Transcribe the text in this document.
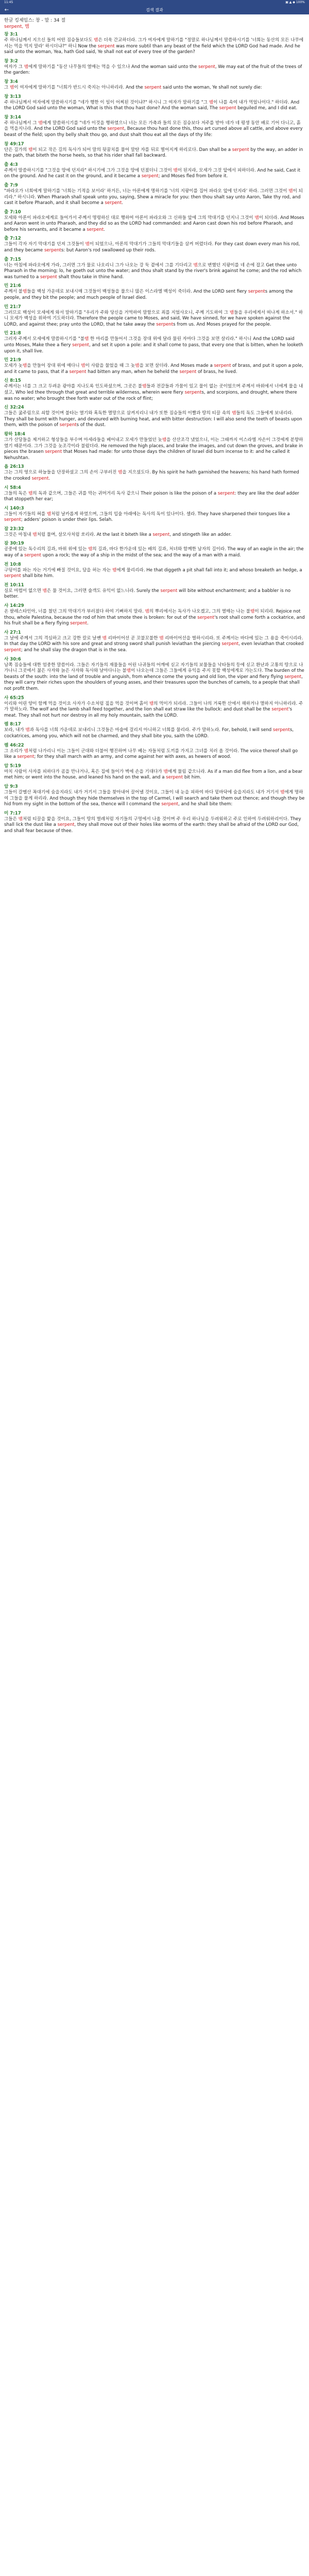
11:45	▣ ▲ ◆ 100%
←	검색 결과
한글 킹제임스: 창 - 말 : 34 절
serpent, 뱀
창 3:1
주 하나님께서 지으신 들의 어떤 짐승들보다도 뱀은 더욱 간교하더라. 그가 여자에게 말하기를 "정말로 하나님께서 말씀하시기를 '너희는 동산의 모든 나무에서는 먹을 먹지 말라' 하시더냐?" 하니 Now the serpent was more subtil than any beast of the field which the LORD God had made. And he said unto the woman, Yea, hath God said, Ye shall not eat of every tree of the garden?
창 3:2
여자가 그 뱀에게 말하기를 "동산 나무들의 열매는 먹을 수 있으나 And the woman said unto the serpent, We may eat of the fruit of the trees of the garden:
창 3:4
그 뱀이 여자에게 말하기를 "너희가 반드시 죽지는 아니하리라. And the serpent said unto the woman, Ye shall not surely die:
창 3:13
주 하나님께서 여자에게 말씀하시기를 "네가 행한 이 일이 어찌된 것이냐?" 하시니 그 여자가 말하기를 "그 뱀이 나를 속여 내가 먹었나이다." 하더라. And the LORD God said unto the woman, What is this that thou hast done? And the woman said, The serpent beguiled me, and I did eat.
창 3:14
주 하나님께서 그 뱀에게 말씀하시기를 "네가 이것을 행하였으니 너는 모든 가축과 들의 모든 짐승보다 저주를 받아 네가 네 평생 동안 배로 기어 다니고, 흙을 먹을지니라. And the LORD God said unto the serpent, Because thou hast done this, thou art cursed above all cattle, and above every beast of the field; upon thy belly shalt thou go, and dust shalt thou eat all the days of thy life:
창 49:17
단은 길가의 뱀이 되고 작은 길의 독사가 되어 말의 뒷꿈치를 물어 말탄 자를 뒤로 떨어지게 하리로다. Dan shall be a serpent by the way, an adder in the path, that biteth the horse heels, so that his rider shall fall backward.
출 4:3
주께서 말씀하시기를 "그것을 땅에 던지라" 하시기에 그가 그것을 땅에 던졌더니 그것이 뱀이 된지라, 모세가 그것 앞에서 피하더라. And he said, Cast it on the ground. And he cast it on the ground, and it became a serpent; and Moses fled from before it.
출 7:9
"파라오가 너희에게 말하기를 '너희는 기적을 보이라' 하거든, 너는 아론에게 명하기를 '너의 지팡이를 집어 파라오 앞에 던지라' 하라. 그러면 그것이 뱀이 되리라." 하시니라. When Pharaoh shall speak unto you, saying, Shew a miracle for you: then thou shalt say unto Aaron, Take thy rod, and cast it before Pharaoh, and it shall become a serpent.
출 7:10
모세와 아론이 파라오에게로 들어가서 주께서 명령하신 대로 행하여 아론이 파라오와 그 신하들 앞에 그의 막대기를 던지니 그것이 뱀이 되더라. And Moses and Aaron went in unto Pharaoh, and they did so as the LORD had commanded: and Aaron cast down his rod before Pharaoh, and before his servants, and it became a serpent.
출 7:12
그들이 각자 자기 막대기를 던져 그것들이 뱀이 되었으나, 아론의 막대기가 그들의 막대기들을 삼켜 버렸더라. For they cast down every man his rod, and they became serpents: but Aaron's rod swallowed up their rods.
출 7:15
너는 아침에 파라오에게 가라, 그러면 그가 물로 나오리니 그가 나오는 강 둑 곁에서 그를 기다리고 뱀으로 변했던 지팡이를 네 손에 잡고 Get thee unto Pharaoh in the morning; lo, he goeth out unto the water; and thou shalt stand by the river's brink against he come; and the rod which was turned to a serpent shalt thou take in thine hand.
민 21:6
주께서 불뱀들을 백성 가운데로 보내시매 그것들이 백성들을 물으니 많은 이스라엘 백성이 죽더라. And the LORD sent fiery serpents among the people, and they bit the people; and much people of Israel died.
민 21:7
그러므로 백성이 모세에게 와서 말하기를 "우리가 주와 당신을 거역하여 말함으로 죄를 지었사오니, 주께 기도하여 그 뱀들을 우리에게서 떠나게 하소서." 하니 모세가 백성을 위하여 기도하더라. Therefore the people came to Moses, and said, We have sinned, for we have spoken against the LORD, and against thee; pray unto the LORD, that he take away the serpents from us. And Moses prayed for the people.
민 21:8
그러자 주께서 모세에게 말씀하시기를 "불뱀 한 마리를 만들어서 그것을 장대 위에 달라 물린 자마다 그것을 보면 살리라." 하시니 And the LORD said unto Moses, Make thee a fiery serpent, and set it upon a pole: and it shall come to pass, that every one that is bitten, when he looketh upon it, shall live.
민 21:9
모세가 놋뱀을 만들어 장대 위에 매다니 뱀이 사람을 물었을 때 그 놋뱀을 보면 살더라. And Moses made a serpent of brass, and put it upon a pole, and it came to pass, that if a serpent had bitten any man, when he beheld the serpent of brass, he lived.
신 8:15
주께서는 너를 그 크고 두려운 광야를 지나도록 인도하셨으며, 그곳은 불뱀들과 전갈들과 가뭄이 있고 물이 없는 곳이었으며 주께서 바위에서 너에게 물을 내셨고, Who led thee through that great and terrible wilderness, wherein were fiery serpents, and scorpions, and drought, where there was no water; who brought thee forth water out of the rock of flint;
신 32:24
그들은 굶주림으로 쇠할 것이며 불타는 열기와 혹독한 멸망으로 삼켜지리니 내가 또한 짐승들의 이빨과 땅의 티끌 속의 뱀들의 독도 그들에게 보내리라. They shall be burnt with hunger, and devoured with burning heat, and with bitter destruction: I will also send the teeth of beasts upon them, with the poison of serpents of the dust.
왕하 18:4
그가 산당들을 제거하고 형상들을 부수며 아세라들을 베어내고 모세가 만들었던 놋뱀을 산산조각 냈었으니, 이는 그때까지 이스라엘 자손이 그것에게 분향하였기 때문이라. 그가 그것을 놋조각이라 불렀더라. He removed the high places, and brake the images, and cut down the groves, and brake in pieces the brasen serpent that Moses had made: for unto those days the children of Israel did burn incense to it: and he called it Nehushtan.
욥 26:13
그는 그의 영으로 하늘들을 단장하셨고 그의 손이 구부러진 뱀을 지으셨도다. By his spirit he hath garnished the heavens; his hand hath formed the crooked serpent.
시 58:4
그들의 독은 뱀의 독과 같으며, 그들은 귀를 막는 귀머거리 독사 같으니 Their poison is like the poison of a serpent: they are like the deaf adder that stoppeth her ear;
시 140:3
그들이 자기들의 혀를 뱀처럼 날카롭게 하였으며, 그들의 입술 아래에는 독사의 독이 있나이다. 셀라. They have sharpened their tongues like a serpent; adders' poison is under their lips. Selah.
잠 23:32
그것은 마침내 뱀처럼 물며, 살모사처럼 쏘리라. At the last it biteth like a serpent, and stingeth like an adder.
잠 30:19
공중에 있는 독수리의 길과, 바위 위에 있는 뱀의 길과, 바다 한가운데 있는 배의 길과, 처녀와 함께한 남자의 길이라. The way of an eagle in the air; the way of a serpent upon a rock; the way of a ship in the midst of the sea; and the way of a man with a maid.
전 10:8
구덩이를 파는 자는 거기에 빠질 것이요, 담을 허는 자는 뱀에게 물리리라. He that diggeth a pit shall fall into it; and whoso breaketh an hedge, a serpent shall bite him.
전 10:11
실로 마법이 없으면 뱀은 물 것이요, 그러면 술객도 유익이 없느니라. Surely the serpent will bite without enchantment; and a babbler is no better.
사 14:29
온 팔레스타인아, 너를 쳤던 그의 막대기가 부러졌다 하여 기뻐하지 말라. 뱀의 뿌리에서는 독사가 나오겠고, 그의 열매는 나는 불뱀이 되리라. Rejoice not thou, whole Palestina, because the rod of him that smote thee is broken: for out of the serpent's root shall come forth a cockatrice, and his fruit shall be a fiery flying serpent.
사 27:1
그 날에 주께서 그의 격심하고 크고 강한 칼로 날쌘 뱀 리바이어선 곧 꼬불꼬불한 뱀 리바이어선을 벌하시리라. 또 주께서는 바다에 있는 그 용을 죽이시리라. In that day the LORD with his sore and great and strong sword shall punish leviathan the piercing serpent, even leviathan that crooked serpent; and he shall slay the dragon that is in the sea.
사 30:6
남쪽 짐승들에 대한 엄중한 말씀이라. 그들은 자기들의 재물들을 어린 나귀들의 어깨에 싣고 자기들의 보물들을 낙타들의 등에 싣고 환난과 고통의 땅으로 나가나니 그곳에서 젊은 사자와 늙은 사자와 독사와 날아다니는 불뱀이 나오는데 그들은 그들에게 유익을 주지 못할 백성에게로 가는도다. The burden of the beasts of the south: into the land of trouble and anguish, from whence come the young and old lion, the viper and fiery flying serpent, they will carry their riches upon the shoulders of young asses, and their treasures upon the bunches of camels, to a people that shall not profit them.
사 65:25
이리와 어린 양이 함께 먹을 것이요 사자가 수소처럼 짚을 먹을 것이며 흙이 뱀의 먹이가 되리라. 그들이 나의 거룩한 산에서 해하거나 멸하지 아니하리라. 주가 말하노라. The wolf and the lamb shall feed together, and the lion shall eat straw like the bullock: and dust shall be the serpent's meat. They shall not hurt nor destroy in all my holy mountain, saith the LORD.
렘 8:17
보라, 내가 뱀과 독사를 너희 가운데로 보내리니 그것들은 마술에 걸리지 아니하고 너희를 물리라. 주가 말하노라. For, behold, I will send serpents, cockatrices, among you, which will not be charmed, and they shall bite you, saith the LORD.
렘 46:22
그 소리가 뱀처럼 나가리니 이는 그들이 군대와 더불어 행진하며 나무 베는 자들처럼 도끼를 가지고 그녀를 치러 올 것이라. The voice thereof shall go like a serpent; for they shall march with an army, and come against her with axes, as hewers of wood.
암 5:19
마치 사람이 사자를 피하다가 곰을 만나거나, 혹은 집에 들어가 벽에 손을 기대다가 뱀에게 물림 같으니라. As if a man did flee from a lion, and a bear met him; or went into the house, and leaned his hand on the wall, and a serpent bit him.
암 9:3
그들이 갈멜산 꼭대기에 숨을지라도 내가 거기서 그들을 찾아내어 끌어낼 것이요, 그들이 내 눈을 피하여 바다 밑바닥에 숨을지라도 내가 거기서 뱀에게 명하여 그들을 물게 하리라. And though they hide themselves in the top of Carmel, I will search and take them out thence; and though they be hid from my sight in the bottom of the sea, thence will I command the serpent, and he shall bite them:
미 7:17
그들은 뱀처럼 티끌을 핥을 것이요, 그들이 땅의 벌레처럼 자기들의 구멍에서 나올 것이며 주 우리 하나님을 두려워하고 주로 인하여 두려워하리이다. They shall lick the dust like a serpent, they shall move out of their holes like worms of the earth: they shall be afraid of the LORD our God, and shall fear because of thee.
